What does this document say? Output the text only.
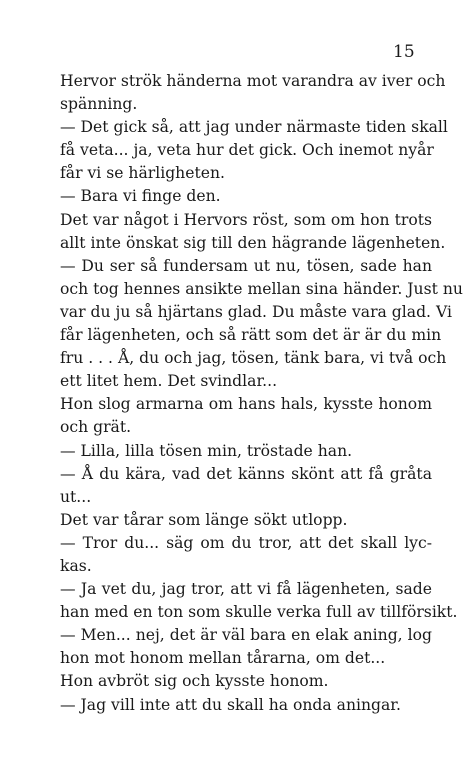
15
Hervor strök händerna mot varandra av iver och
spänning.
— Det gick så, att jag under närmaste tiden skall
få veta... ja, veta hur det gick. Och inemot nyår
får vi se härligheten.
— Bara vi finge den.
Det var något i Hervors röst, som om hon trots
allt inte önskat sig till den hägrande lägenheten.
— Du ser så fundersam ut nu, tösen, sade han
och tog hennes ansikte mellan sina händer. Just nu
var du ju så hjärtans glad. Du måste vara glad. Vi
får lägenheten, och så rätt som det är är du min
fru . . . Å, du och jag, tösen, tänk bara, vi två och
ett litet hem. Det svindlar...
Hon slog armarna om hans hals, kysste honom
och grät.
— Lilla, lilla tösen min, tröstade han.
— Å du kära, vad det känns skönt att få gråta
ut...
Det var tårar som länge sökt utlopp.
— Tror du... säg om du tror, att det skall lyc-
kas.
— Ja vet du, jag tror, att vi få lägenheten, sade
han med en ton som skulle verka full av tillförsikt.
— Men... nej, det är väl bara en elak aning, log
hon mot honom mellan tårarna, om det...
Hon avbröt sig och kysste honom.
— Jag vill inte att du skall ha onda aningar.
